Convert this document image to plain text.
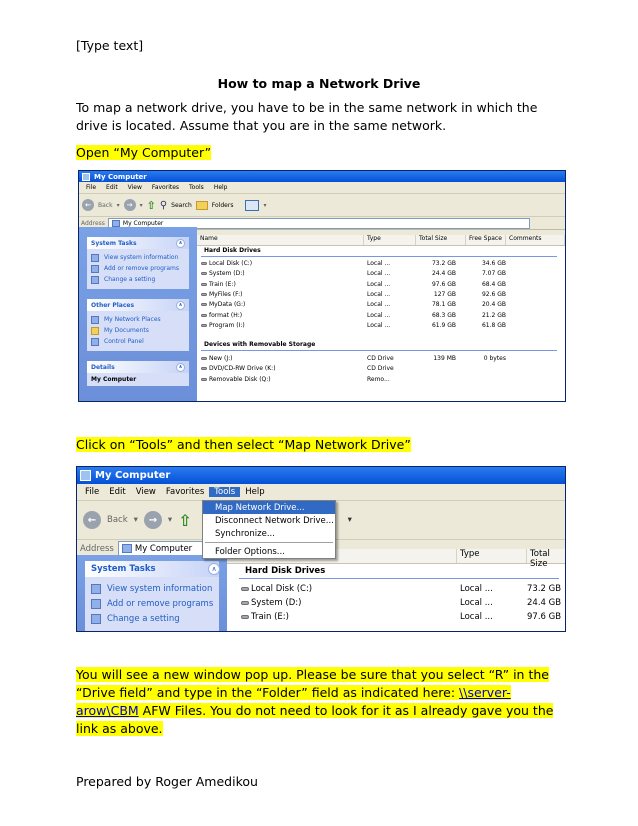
[Type text]
How to map a Network Drive
To map a network drive, you have to be in the same network in which the drive is located. Assume that you are in the same network.
Open “My Computer”
My Computer
File	Edit	View	Favorites	Tools	Help
←	Back ▾	→	▾ ⇧ ⚲ Search	Folders	▾
Address	My Computer
System Tasks	∧
View system information
Add or remove programs
Change a setting
Other Places	∧
My Network Places
My Documents
Control Panel
Details	∧
My Computer
Name	Type	Total Size	Free Space	Comments
Hard Disk Drives
Local Disk (C:)	Local ...	73.2 GB	34.6 GB
System (D:)	Local ...	24.4 GB	7.07 GB
Train (E:)	Local ...	97.6 GB	68.4 GB
MyFiles (F:)	Local ...	127 GB	92.6 GB
MyData (G:)	Local ...	78.1 GB	20.4 GB
format (H:)	Local ...	68.3 GB	21.2 GB
Program (I:)	Local ...	61.9 GB	61.8 GB
Devices with Removable Storage
New (J:)	CD Drive	139 MB	0 bytes
DVD/CD-RW Drive (K:)	CD Drive
Removable Disk (Q:)	Remo...
Click on “Tools” and then select “Map Network Drive”
My Computer
File	Edit	View	Favorites	Tools	Help
←	Back ▾	→	▾ ⇧	▾
Address My Computer
System Tasks
View system information
Add or remove programs
Change a setting
∧
Type	Total Size
Hard Disk Drives
Local Disk (C:)	Local ...	73.2 GB
System (D:)	Local ...	24.4 GB
Train (E:)	Local ...	97.6 GB
Map Network Drive...
Disconnect Network Drive...
Synchronize...
Folder Options...
You will see a new window pop up. Please be sure that you select “R” in the “Drive field” and type in the “Folder” field as indicated here: \\server-arow\CBM AFW Files. You do not need to look for it as I already gave you the link as above.
Prepared by Roger Amedikou
